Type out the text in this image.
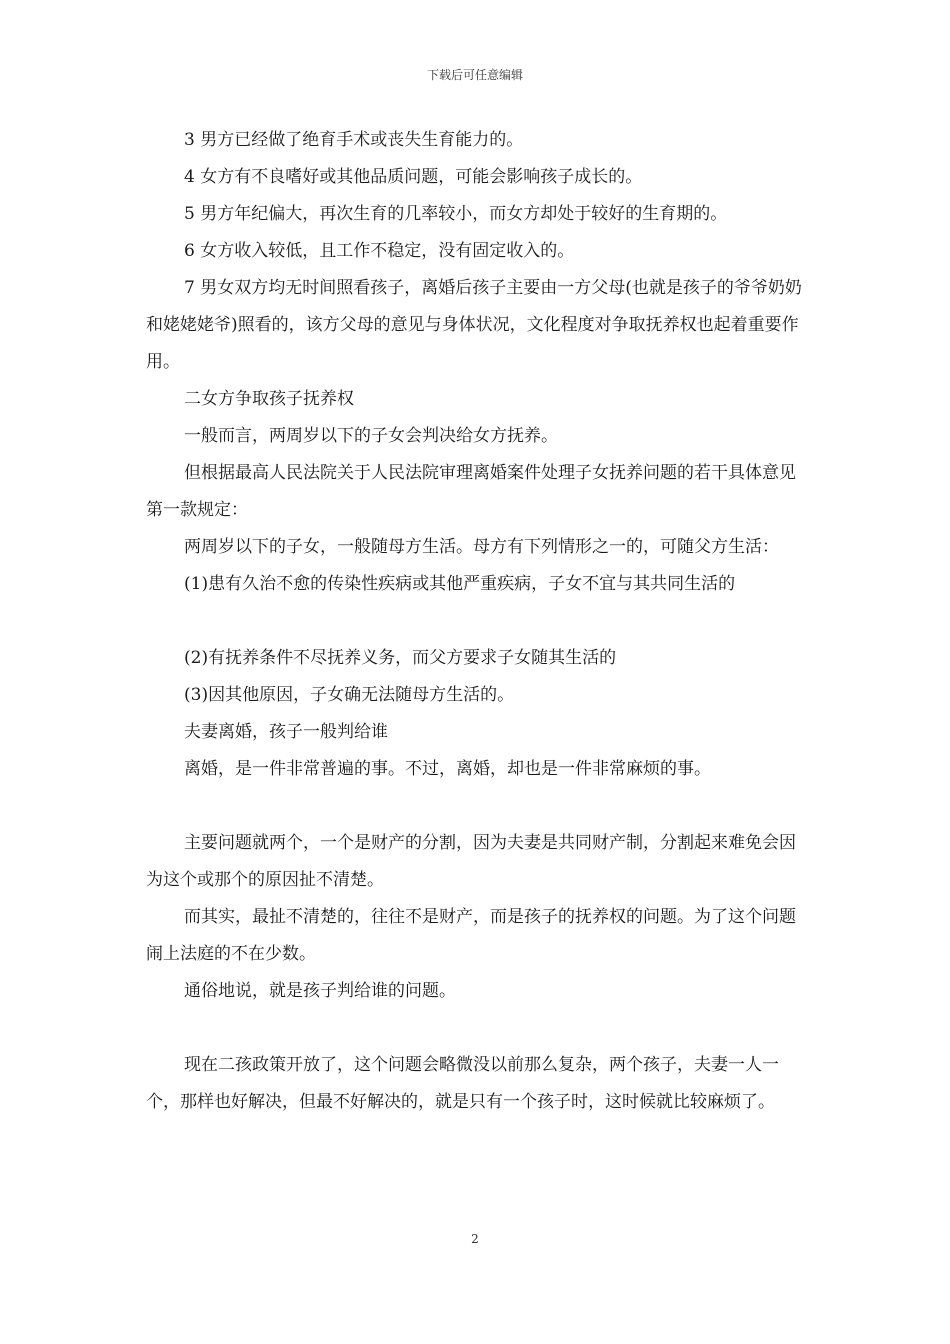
下载后可任意编辑

3 男方已经做了绝育手术或丧失生育能力的。

4 女方有不良嗜好或其他品质问题，可能会影响孩子成长的。

5 男方年纪偏大，再次生育的几率较小，而女方却处于较好的生育期的。

6 女方收入较低，且工作不稳定，没有固定收入的。

7 男女双方均无时间照看孩子，离婚后孩子主要由一方父母(也就是孩子的爷爷奶奶和姥姥姥爷)照看的，该方父母的意见与身体状况，文化程度对争取抚养权也起着重要作用。

二女方争取孩子抚养权

一般而言，两周岁以下的子女会判决给女方抚养。

但根据最高人民法院关于人民法院审理离婚案件处理子女抚养问题的若干具体意见第一款规定：

两周岁以下的子女，一般随母方生活。母方有下列情形之一的，可随父方生活：

(1)患有久治不愈的传染性疾病或其他严重疾病，子女不宜与其共同生活的

(2)有抚养条件不尽抚养义务，而父方要求子女随其生活的

(3)因其他原因，子女确无法随母方生活的。

夫妻离婚，孩子一般判给谁

离婚，是一件非常普遍的事。不过，离婚，却也是一件非常麻烦的事。

主要问题就两个，一个是财产的分割，因为夫妻是共同财产制，分割起来难免会因为这个或那个的原因扯不清楚。

而其实，最扯不清楚的，往往不是财产，而是孩子的抚养权的问题。为了这个问题闹上法庭的不在少数。

通俗地说，就是孩子判给谁的问题。

现在二孩政策开放了，这个问题会略微没以前那么复杂，两个孩子，夫妻一人一个，那样也好解决，但最不好解决的，就是只有一个孩子时，这时候就比较麻烦了。

2
